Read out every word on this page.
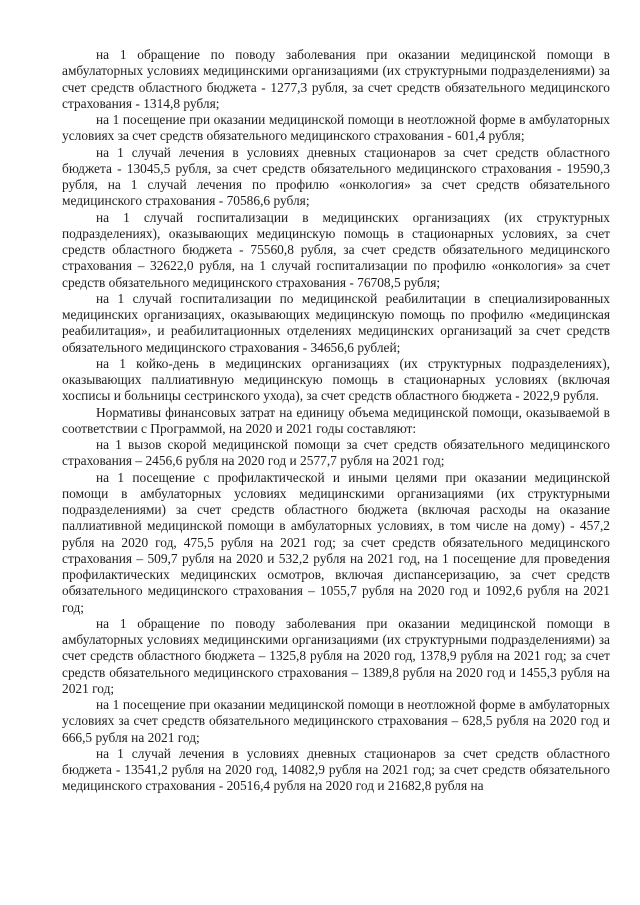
на 1 обращение по поводу заболевания при оказании медицинской помощи в амбулаторных условиях медицинскими организациями (их структурными подразделениями) за счет средств областного бюджета - 1277,3 рубля, за счет средств обязательного медицинского страхования - 1314,8 рубля;

на 1 посещение при оказании медицинской помощи в неотложной форме в амбулаторных условиях за счет средств обязательного медицинского страхования - 601,4 рубля;

на 1 случай лечения в условиях дневных стационаров за счет средств областного бюджета - 13045,5 рубля, за счет средств обязательного медицинского страхования - 19590,3 рубля, на 1 случай лечения по профилю «онкология» за счет средств обязательного медицинского страхования - 70586,6 рубля;

на 1 случай госпитализации в медицинских организациях (их структурных подразделениях), оказывающих медицинскую помощь в стационарных условиях, за счет средств областного бюджета - 75560,8 рубля, за счет средств обязательного медицинского страхования – 32622,0 рубля, на 1 случай госпитализации по профилю «онкология» за счет средств обязательного медицинского страхования - 76708,5 рубля;

на 1 случай госпитализации по медицинской реабилитации в специализированных медицинских организациях, оказывающих медицинскую помощь по профилю «медицинская реабилитация», и реабилитационных отделениях медицинских организаций за счет средств обязательного медицинского страхования - 34656,6 рублей;

на 1 койко-день в медицинских организациях (их структурных подразделениях), оказывающих паллиативную медицинскую помощь в стационарных условиях (включая хосписы и больницы сестринского ухода), за счет средств областного бюджета - 2022,9 рубля.

Нормативы финансовых затрат на единицу объема медицинской помощи, оказываемой в соответствии с Программой, на 2020 и 2021 годы составляют:

на 1 вызов скорой медицинской помощи за счет средств обязательного медицинского страхования – 2456,6 рубля на 2020 год и 2577,7 рубля на 2021 год;

на 1 посещение с профилактической и иными целями при оказании медицинской помощи в амбулаторных условиях медицинскими организациями (их структурными подразделениями) за счет средств областного бюджета (включая расходы на оказание паллиативной медицинской помощи в амбулаторных условиях, в том числе на дому) - 457,2 рубля на 2020 год, 475,5 рубля на 2021 год; за счет средств обязательного медицинского страхования – 509,7 рубля на 2020 и 532,2 рубля на 2021 год, на 1 посещение для проведения профилактических медицинских осмотров, включая диспансеризацию, за счет средств обязательного медицинского страхования – 1055,7 рубля на 2020 год и 1092,6 рубля на 2021 год;

на 1 обращение по поводу заболевания при оказании медицинской помощи в амбулаторных условиях медицинскими организациями (их структурными подразделениями) за счет средств областного бюджета – 1325,8 рубля на 2020 год, 1378,9 рубля на 2021 год; за счет средств обязательного медицинского страхования – 1389,8 рубля на 2020 год и 1455,3 рубля на 2021 год;

на 1 посещение при оказании медицинской помощи в неотложной форме в амбулаторных условиях за счет средств обязательного медицинского страхования – 628,5 рубля на 2020 год и 666,5 рубля на 2021 год;

на 1 случай лечения в условиях дневных стационаров за счет средств областного бюджета - 13541,2 рубля на 2020 год, 14082,9 рубля на 2021 год; за счет средств обязательного медицинского страхования - 20516,4 рубля на 2020 год и 21682,8 рубля на
